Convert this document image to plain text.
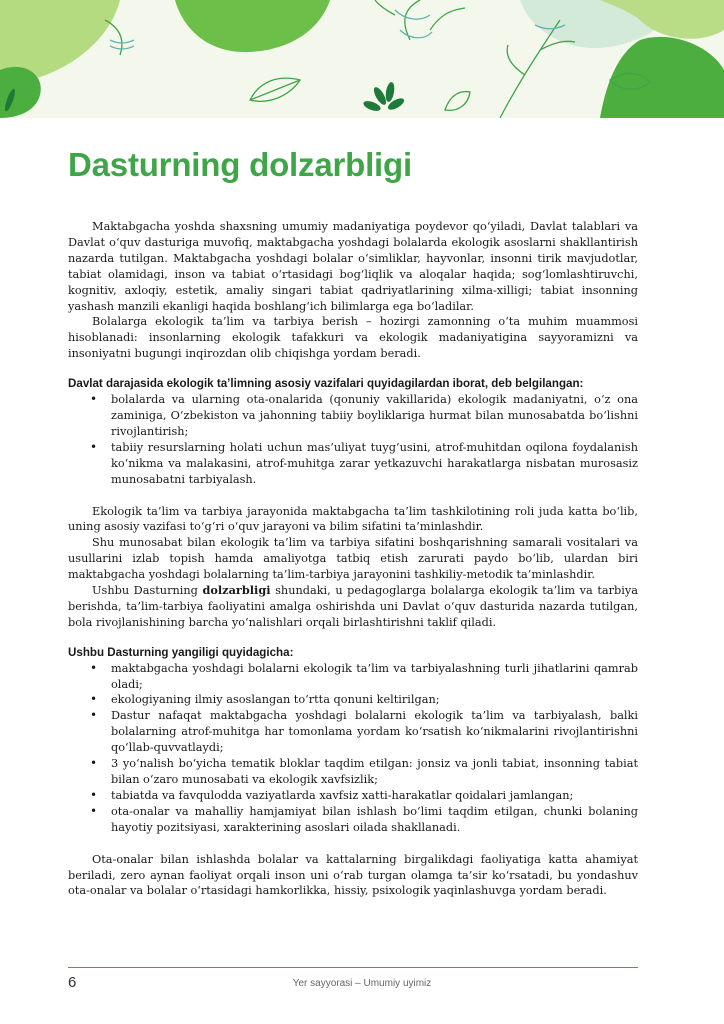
Dasturning dolzarbligi

Maktabgacha yoshda shaxsning umumiy madaniyatiga poydevor qo‘yiladi, Davlat talablari va Davlat o‘quv dasturiga muvofiq, maktabgacha yoshdagi bolalarda ekologik asoslarni shakllantirish nazarda tutilgan. Maktabgacha yoshdagi bolalar o‘simliklar, hayvonlar, insonni tirik mavjudotlar, tabiat olamidagi, inson va tabiat o‘rtasidagi bog‘liqlik va aloqalar haqida; sog‘lomlashtiruvchi, kognitiv, axloqiy, estetik, amaliy singari tabiat qadriyatlarining xilma-xilligi; tabiat insonning yashash manzili ekanligi haqida boshlang‘ich bilimlarga ega bo‘ladilar.

Bolalarga ekologik ta’lim va tarbiya berish – hozirgi zamonning o‘ta muhim muammosi hisoblanadi: insonlarning ekologik tafakkuri va ekologik madaniyatigina sayyoramizni va insoniyatni bugungi inqirozdan olib chiqishga yordam beradi.

Davlat darajasida ekologik ta’limning asosiy vazifalari quyidagilardan iborat, deb belgilangan:
• bolalarda va ularning ota-onalarida (qonuniy vakillarida) ekologik madaniyatni, o‘z ona zaminiga, O‘zbekiston va jahonning tabiiy boyliklariga hurmat bilan munosabatda bo‘lishni rivojlantirish;
• tabiiy resurslarning holati uchun mas’uliyat tuyg‘usini, atrof-muhitdan oqilona foydalanish ko‘nikma va malakasini, atrof-muhitga zarar yetkazuvchi harakatlarga nisbatan murosasiz munosabatni tarbiyalash.

Ekologik ta’lim va tarbiya jarayonida maktabgacha ta’lim tashkilotining roli juda katta bo‘lib, uning asosiy vazifasi to‘g‘ri o‘quv jarayoni va bilim sifatini ta’minlashdir.

Shu munosabat bilan ekologik ta’lim va tarbiya sifatini boshqarishning samarali vositalari va usullarini izlab topish hamda amaliyotga tatbiq etish zarurati paydo bo‘lib, ulardan biri maktabgacha yoshdagi bolalarning ta’lim-tarbiya jarayonini tashkiliy-metodik ta’minlashdir.

Ushbu Dasturning dolzarbligi shundaki, u pedagoglarga bolalarga ekologik ta’lim va tarbiya berishda, ta’lim-tarbiya faoliyatini amalga oshirishda uni Davlat o‘quv dasturida nazarda tutilgan, bola rivojlanishining barcha yo‘nalishlari orqali birlashtirishni taklif qiladi.

Ushbu Dasturning yangiligi quyidagicha:
• maktabgacha yoshdagi bolalarni ekologik ta’lim va tarbiyalashning turli jihatlarini qamrab oladi;
• ekologiyaning ilmiy asoslangan to‘rtta qonuni keltirilgan;
• Dastur nafaqat maktabgacha yoshdagi bolalarni ekologik ta’lim va tarbiyalash, balki bolalarning atrof-muhitga har tomonlama yordam ko‘rsatish ko‘nikmalarini rivojlantirishni qo‘llab-quvvatlaydi;
• 3 yo‘nalish bo‘yicha tematik bloklar taqdim etilgan: jonsiz va jonli tabiat, insonning tabiat bilan o‘zaro munosabati va ekologik xavfsizlik;
• tabiatda va favqulodda vaziyatlarda xavfsiz xatti-harakatlar qoidalari jamlangan;
• ota-onalar va mahalliy hamjamiyat bilan ishlash bo‘limi taqdim etilgan, chunki bolaning hayotiy pozitsiyasi, xarakterining asoslari oilada shakllanadi.

Ota-onalar bilan ishlashda bolalar va kattalarning birgalikdagi faoliyatiga katta ahamiyat beriladi, zero aynan faoliyat orqali inson uni o‘rab turgan olamga ta’sir ko‘rsatadi, bu yondashuv ota-onalar va bolalar o‘rtasidagi hamkorlikka, hissiy, psixologik yaqinlashuvga yordam beradi.

6	Yer sayyorasi – Umumiy uyimiz
